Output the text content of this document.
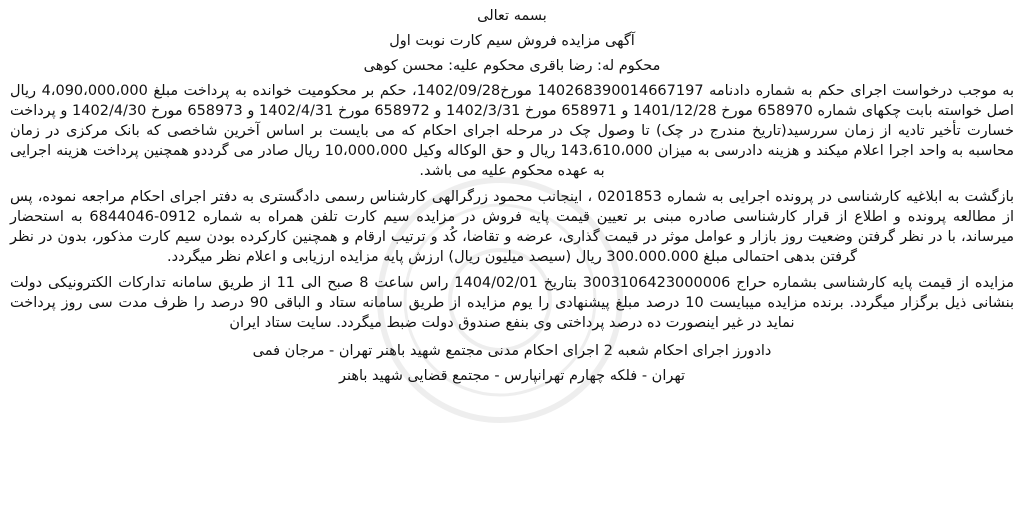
بسمه تعالی

آگهی مزایده فروش سیم کارت نوبت اول

محکوم له: رضا باقری محکوم علیه: محسن کوهی

به موجب درخواست اجرای حکم به شماره دادنامه 140268390014667197 مورخ1402/09/28، حکم بر محکومیت خوانده به پرداخت مبلغ 4،090،000،000 ریال اصل خواسته بابت چکهای شماره 658970 مورخ 1401/12/28 و 658971 مورخ 1402/3/31 و 658972 مورخ 1402/4/31 و 658973 مورخ 1402/4/30 و پرداخت خسارت تأخیر تادیه از زمان سررسید(تاریخ مندرج در چک) تا وصول چک در مرحله اجرای احکام که می بایست بر اساس آخرین شاخصی که بانک مرکزی در زمان محاسبه به واحد اجرا اعلام میکند و هزینه دادرسی به میزان 143،610،000 ریال و حق الوکاله وکیل 10،000،000 ریال صادر می گرددو همچنین پرداخت هزینه اجرایی به عهده محکوم علیه می باشد.

بازگشت به ابلاغیه کارشناسی در پرونده اجرایی به شماره 0201853 ، اینجانب محمود زرگرالهی کارشناس رسمی دادگستری به دفتر اجرای احکام مراجعه نموده، پس از مطالعه پرونده و اطلاع از قرار کارشناسی صادره مبنی بر تعیین قیمت پایه فروش در مزایده سیم کارت تلفن همراه به شماره 0912-6844046 به استحضار میرساند، با در نظر گرفتن وضعیت روز بازار و عوامل موثر در قیمت گذاری، عرضه و تقاضا، کُد و ترتیب ارقام و همچنین کارکرده بودن سیم کارت مذکور، بدون در نظر گرفتن بدهی احتمالی مبلغ 300.000.000 ریال (سیصد میلیون ریال) ارزش پایه مزایده ارزیابی و اعلام نظر میگردد.

مزایده از قیمت پایه کارشناسی بشماره حراج 3003106423000006 بتاریخ 1404/02/01 راس ساعت 8 صبح الی 11 از طریق سامانه تدارکات الکترونیکی دولت بنشانی ذیل برگزار میگردد. برنده مزایده میبایست 10 درصد مبلغ پیشنهادی را یوم مزایده از طریق سامانه ستاد و الباقی 90 درصد را ظرف مدت سی روز پرداخت نماید در غیر اینصورت ده درصد پرداختی وی بنفع صندوق دولت ضبط میگردد. سایت ستاد ایران

دادورز اجرای احکام شعبه 2 اجرای احکام مدنی مجتمع شهید باهنر تهران - مرجان فمی

تهران - فلکه چهارم تهرانپارس - مجتمع قضایی شهید باهنر
